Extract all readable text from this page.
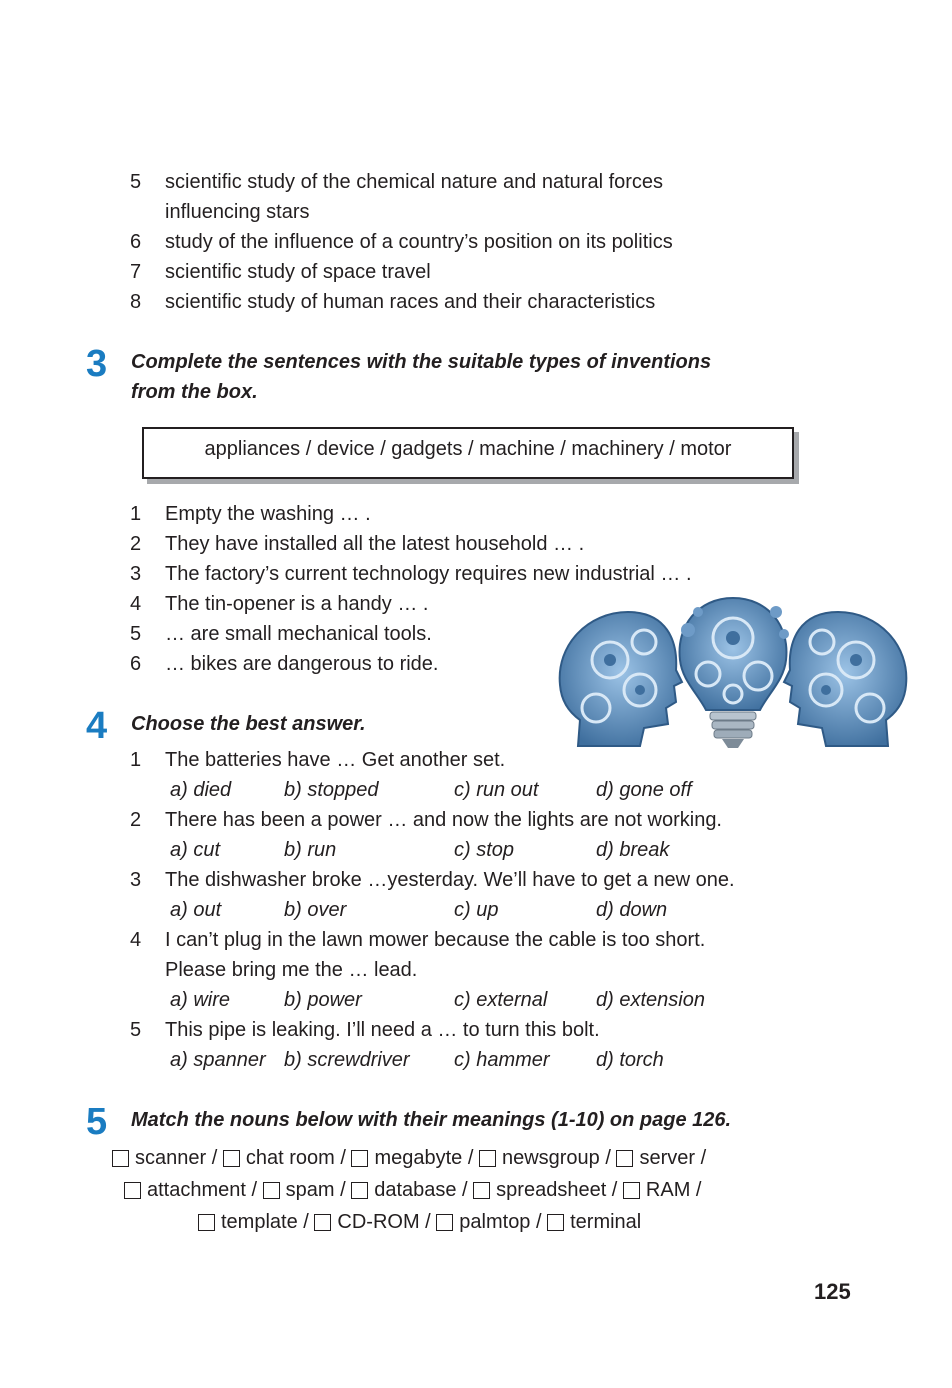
5	scientific study of the chemical nature and natural forces
influencing stars
6	study of the influence of a country’s position on its politics
7	scientific study of space travel
8	scientific study of human races and their characteristics
3 Complete the sentences with the suitable types of inventions
from the box.
appliances / device / gadgets / machine / machinery / motor
1	Empty the washing … .
2	They have installed all the latest household … .
3	The factory’s current technology requires new industrial … .
4	The tin-opener is a handy … .
5	… are small mechanical tools.
6	… bikes are dangerous to ride.
4 Choose the best answer.
1	The batteries have … Get another set.
a) died	b) stopped	c) run out	d) gone off
2	There has been a power … and now the lights are not working.
a) cut	b) run	c) stop	d) break
3	The dishwasher broke …yesterday. We’ll have to get a new one.
a) out	b) over	c) up	d) down
4	I can’t plug in the lawn mower because the cable is too short.
Please bring me the … lead.
a) wire	b) power	c) external d) extension
5	This pipe is leaking. I’ll need a … to turn this bolt.
a) spanner b) screwdriver c) hammer d) torch
5 Match the nouns below with their meanings (1-10) on page 126.
scanner / chat room / megabyte / newsgroup / server /
attachment / spam / database / spreadsheet / RAM /
template / CD-ROM / palmtop / terminal
125
